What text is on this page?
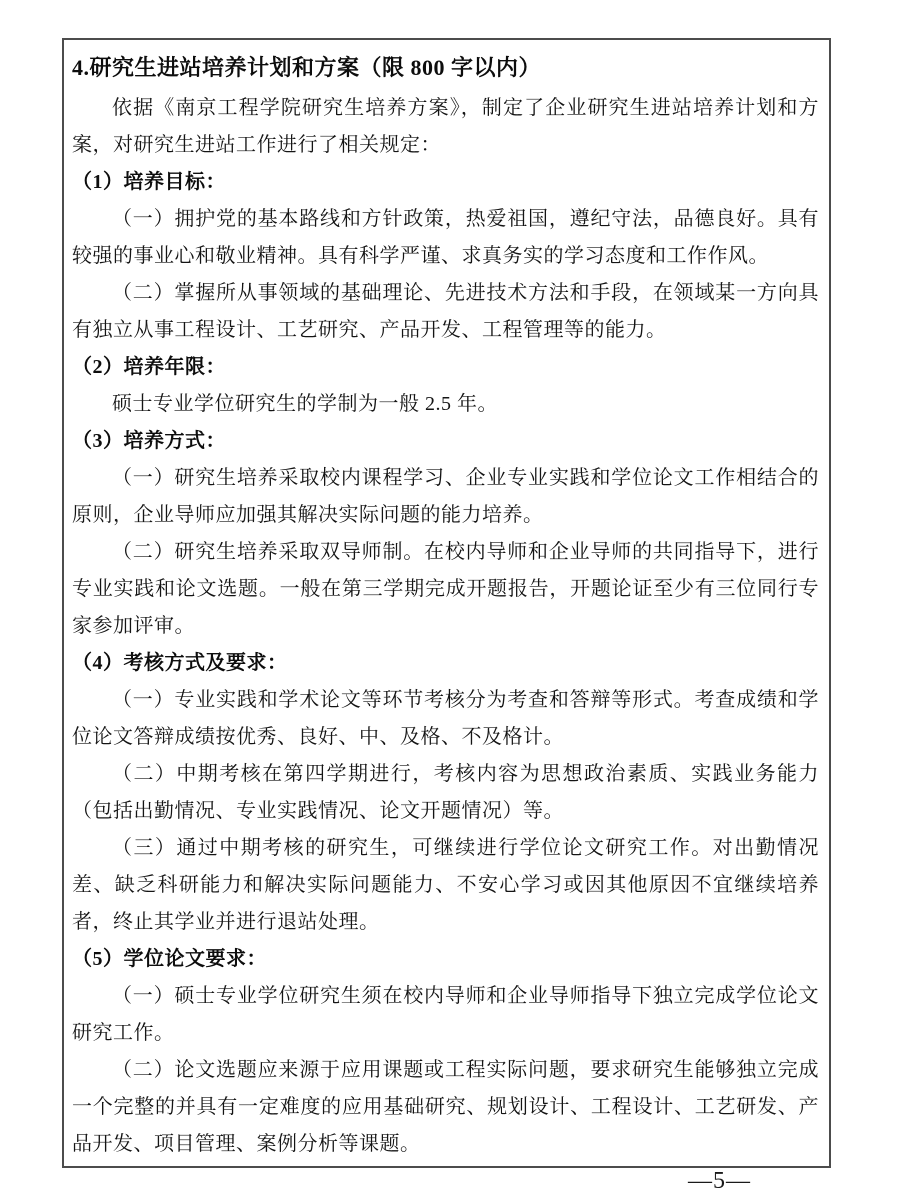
4.研究生进站培养计划和方案（限 800 字以内）

依据《南京工程学院研究生培养方案》，制定了企业研究生进站培养计划和方案，对研究生进站工作进行了相关规定：

（1）培养目标：

（一）拥护党的基本路线和方针政策，热爱祖国，遵纪守法，品德良好。具有较强的事业心和敬业精神。具有科学严谨、求真务实的学习态度和工作作风。

（二）掌握所从事领域的基础理论、先进技术方法和手段，在领域某一方向具有独立从事工程设计、工艺研究、产品开发、工程管理等的能力。

（2）培养年限：

硕士专业学位研究生的学制为一般 2.5 年。

（3）培养方式：

（一）研究生培养采取校内课程学习、企业专业实践和学位论文工作相结合的原则，企业导师应加强其解决实际问题的能力培养。

（二）研究生培养采取双导师制。在校内导师和企业导师的共同指导下，进行专业实践和论文选题。一般在第三学期完成开题报告，开题论证至少有三位同行专家参加评审。

（4）考核方式及要求：

（一）专业实践和学术论文等环节考核分为考查和答辩等形式。考查成绩和学位论文答辩成绩按优秀、良好、中、及格、不及格计。

（二）中期考核在第四学期进行，考核内容为思想政治素质、实践业务能力（包括出勤情况、专业实践情况、论文开题情况）等。

（三）通过中期考核的研究生，可继续进行学位论文研究工作。对出勤情况差、缺乏科研能力和解决实际问题能力、不安心学习或因其他原因不宜继续培养者，终止其学业并进行退站处理。

（5）学位论文要求：

（一）硕士专业学位研究生须在校内导师和企业导师指导下独立完成学位论文研究工作。

（二）论文选题应来源于应用课题或工程实际问题，要求研究生能够独立完成一个完整的并具有一定难度的应用基础研究、规划设计、工程设计、工艺研发、产品开发、项目管理、案例分析等课题。

—5—
